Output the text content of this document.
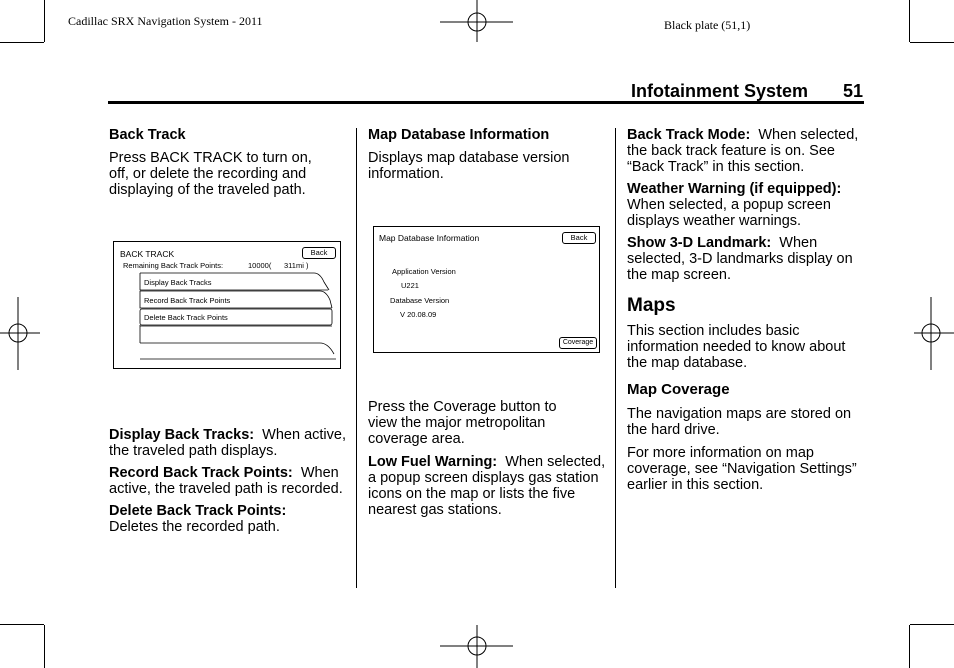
Cadillac SRX Navigation System - 2011	Black plate (51,1)
Infotainment System 51

Back Track

Press BACK TRACK to turn on, off, or delete the recording and displaying of the traveled path.

BACK TRACK	Back
Remaining Back Track Points:	10000( 311mi )
Display Back Tracks
Record Back Track Points
Delete Back Track Points

Display Back Tracks: When active, the traveled path displays.

Record Back Track Points: When active, the traveled path is recorded.

Delete Back Track Points:
Deletes the recorded path.

Map Database Information

Displays map database version information.

Map Database Information	Back
Application Version
U221
Database Version
V 20.08.09
Coverage

Press the Coverage button to view the major metropolitan coverage area.

Low Fuel Warning: When selected, a popup screen displays gas station icons on the map or lists the five nearest gas stations.

Back Track Mode: When selected, the back track feature is on. See “Back Track” in this section.

Weather Warning (if equipped):
When selected, a popup screen displays weather warnings.

Show 3-D Landmark: When selected, 3-D landmarks display on the map screen.

Maps

This section includes basic information needed to know about the map database.

Map Coverage

The navigation maps are stored on the hard drive.

For more information on map coverage, see “Navigation Settings” earlier in this section.
